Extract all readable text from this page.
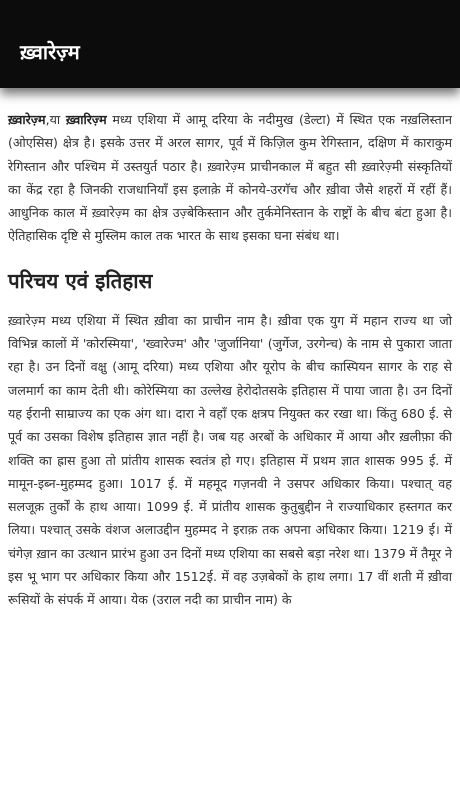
ख़्वारेज़्म

ख़्वारेज़्म,या ख़्वारिज़्म मध्य एशिया में आमू दरिया के नदीमुख (डेल्टा) में स्थित एक नख़लिस्तान (ओएसिस) क्षेत्र है। इसके उत्तर में अरल सागर, पूर्व में किज़िल कुम रेगिस्तान, दक्षिण में काराकुम रेगिस्तान और पश्चिम में उस्तयुर्त पठार है। ख़्वारेज़्म प्राचीनकाल में बहुत सी ख़्वारेज़्मी संस्कृतियों का केंद्र रहा है जिनकी राजधानियाँ इस इलाक़े में कोनये-उरगॅच और ख़ीवा जैसे शहरों में रहीं हैं। आधुनिक काल में ख़्वारेज़्म का क्षेत्र उज़्बेकिस्तान और तुर्कमेनिस्तान के राष्ट्रों के बीच बंटा हुआ है। ऐतिहासिक दृष्टि से मुस्लिम काल तक भारत के साथ इसका घना संबंध था।

परिचय एवं इतिहास

ख़्वारेज़्म मध्य एशिया में स्थित ख़ीवा का प्राचीन नाम है। ख़ीवा एक युग में महान राज्य था जो विभिन्न कालों में 'कोरस्मिया', 'ख्वारेज्म' और 'जुर्जानिया' (जुर्गेज, उरगेन्च) के नाम से पुकारा जाता रहा है। उन दिनों वक्षु (आमू दरिया) मध्य एशिया और यूरोप के बीच कास्पियन सागर के राह से जलमार्ग का काम देती थी। कोरेस्मिया का उल्लेख हेरोदोतसके इतिहास में पाया जाता है। उन दिनों यह ईरानी साम्राज्य का एक अंग था। दारा ने वहाँ एक क्षत्रप नियुक्त कर रखा था। किंतु 680 ई. से पूर्व का उसका विशेष इतिहास ज्ञात नहीं है। जब यह अरबों के अधिकार में आया और ख़लीफ़ा की शक्ति का ह्रास हुआ तो प्रांतीय शासक स्वतंत्र हो गए। इतिहास में प्रथम ज्ञात शासक 995 ई. में मामून-इब्न-मुहम्मद हुआ। 1017 ई. में महमूद गज़नवी ने उसपर अधिकार किया। पश्चात् वह सलजूक़ तुर्कों के हाथ आया। 1099 ई. में प्रांतीय शासक कुतुबुद्दीन ने राज्याधिकार हस्तगत कर लिया। पश्चात् उसके वंशज अलाउद्दीन मुहम्मद ने इराक़ तक अपना अधिकार किया। 1219 ई। में चंगेज़ ख़ान का उत्थान प्रारंभ हुआ उन दिनों मध्य एशिया का सबसे बड़ा नरेश था। 1379 में तैमूर ने इस भू भाग पर अधिकार किया और 1512ई. में वह उज़बेकों के हाथ लगा। 17 वीं शती में ख़ीवा रूसियों के संपर्क में आया। येक (उराल नदी का प्राचीन नाम) के
